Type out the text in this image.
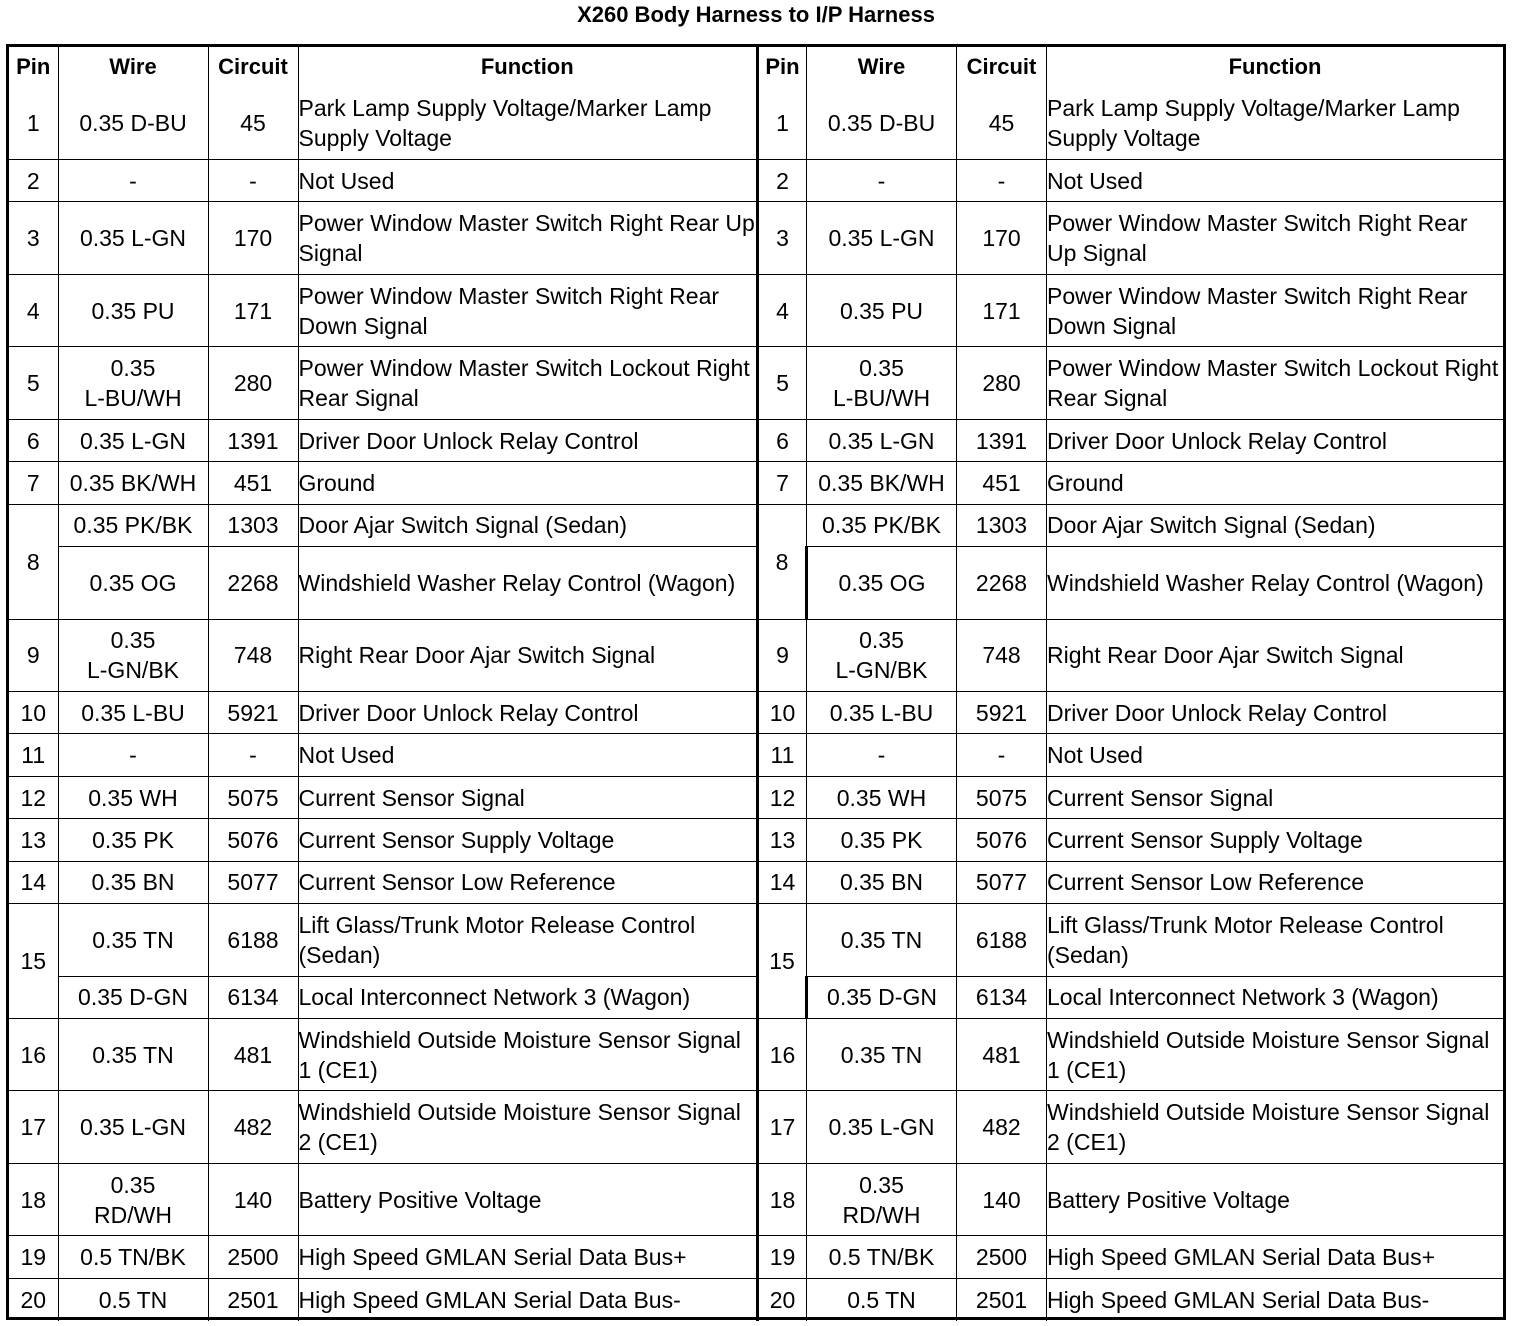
X260 Body Harness to I/P Harness
Pin	Wire	Circuit	Function
1	0.35 D-BU	45	Park Lamp Supply Voltage/Marker Lamp Supply Voltage
2	-	-	Not Used
3	0.35 L-GN	170	Power Window Master Switch Right Rear Up Signal
4	0.35 PU	171	Power Window Master Switch Right Rear Down Signal
5	0.35
L-BU/WH	280	Power Window Master Switch Lockout Right Rear Signal
6	0.35 L-GN	1391	Driver Door Unlock Relay Control
7	0.35 BK/WH	451	Ground
8	0.35 PK/BK	1303	Door Ajar Switch Signal (Sedan)
	0.35 OG	2268	Windshield Washer Relay Control (Wagon)
9	0.35
L-GN/BK	748	Right Rear Door Ajar Switch Signal
10	0.35 L-BU	5921	Driver Door Unlock Relay Control
11	-	-	Not Used
12	0.35 WH	5075	Current Sensor Signal
13	0.35 PK	5076	Current Sensor Supply Voltage
14	0.35 BN	5077	Current Sensor Low Reference
15	0.35 TN	6188	Lift Glass/Trunk Motor Release Control (Sedan)
	0.35 D-GN	6134	Local Interconnect Network 3 (Wagon)
16	0.35 TN	481	Windshield Outside Moisture Sensor Signal 1 (CE1)
17	0.35 L-GN	482	Windshield Outside Moisture Sensor Signal 2 (CE1)
18	0.35
RD/WH	140	Battery Positive Voltage
19	0.5 TN/BK	2500	High Speed GMLAN Serial Data Bus+
20	0.5 TN	2501	High Speed GMLAN Serial Data Bus-
Pin	Wire	Circuit	Function
1	0.35 D-BU	45	Park Lamp Supply Voltage/Marker Lamp Supply Voltage
2	-	-	Not Used
3	0.35 L-GN	170	Power Window Master Switch Right Rear Up Signal
4	0.35 PU	171	Power Window Master Switch Right Rear Down Signal
5	0.35
L-BU/WH	280	Power Window Master Switch Lockout Right Rear Signal
6	0.35 L-GN	1391	Driver Door Unlock Relay Control
7	0.35 BK/WH	451	Ground
8	0.35 PK/BK	1303	Door Ajar Switch Signal (Sedan)
	0.35 OG	2268	Windshield Washer Relay Control (Wagon)
9	0.35
L-GN/BK	748	Right Rear Door Ajar Switch Signal
10	0.35 L-BU	5921	Driver Door Unlock Relay Control
11	-	-	Not Used
12	0.35 WH	5075	Current Sensor Signal
13	0.35 PK	5076	Current Sensor Supply Voltage
14	0.35 BN	5077	Current Sensor Low Reference
15	0.35 TN	6188	Lift Glass/Trunk Motor Release Control (Sedan)
	0.35 D-GN	6134	Local Interconnect Network 3 (Wagon)
16	0.35 TN	481	Windshield Outside Moisture Sensor Signal 1 (CE1)
17	0.35 L-GN	482	Windshield Outside Moisture Sensor Signal 2 (CE1)
18	0.35
RD/WH	140	Battery Positive Voltage
19	0.5 TN/BK	2500	High Speed GMLAN Serial Data Bus+
20	0.5 TN	2501	High Speed GMLAN Serial Data Bus-
